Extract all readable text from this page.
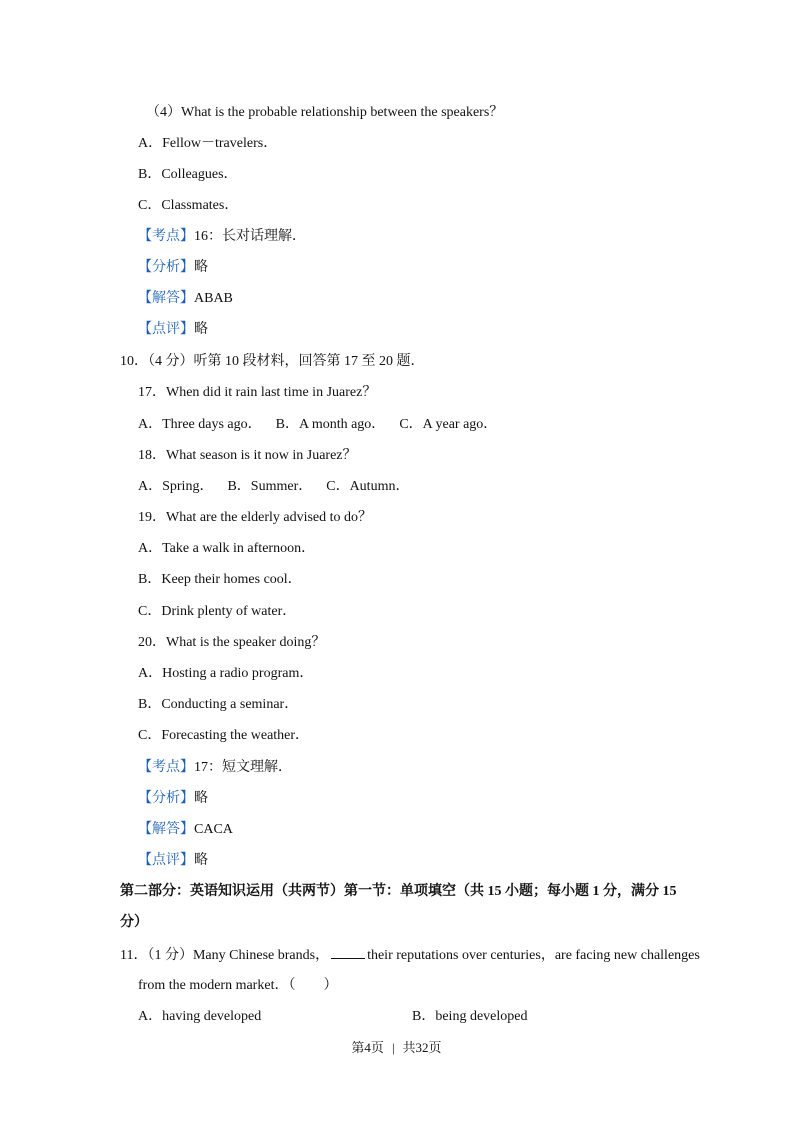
（4）What is the probable relationship between the speakers？
A．Fellow－travelers．
B．Colleagues．
C．Classmates．
【考点】16：长对话理解．
【分析】略
【解答】ABAB
【点评】略
10．（4 分）听第 10 段材料，回答第 17 至 20 题．
17．When did it rain last time in Juarez？
A．Three days ago． B．A month ago． C．A year ago．
18．What season is it now in Juarez？
A．Spring． B．Summer． C．Autumn．
19．What are the elderly advised to do？
A．Take a walk in afternoon．
B．Keep their homes cool．
C．Drink plenty of water．
20．What is the speaker doing？
A．Hosting a radio program．
B．Conducting a seminar．
C．Forecasting the weather．
【考点】17：短文理解．
【分析】略
【解答】CACA
【点评】略
第二部分：英语知识运用（共两节）第一节：单项填空（共 15 小题；每小题 1 分，满分 15
分）
11．（1 分）Many Chinese brands，	their reputations over centuries，are facing new challenges
from the modern market．（　　）
A．having developed	B．being developed
第4页 | 共32页
